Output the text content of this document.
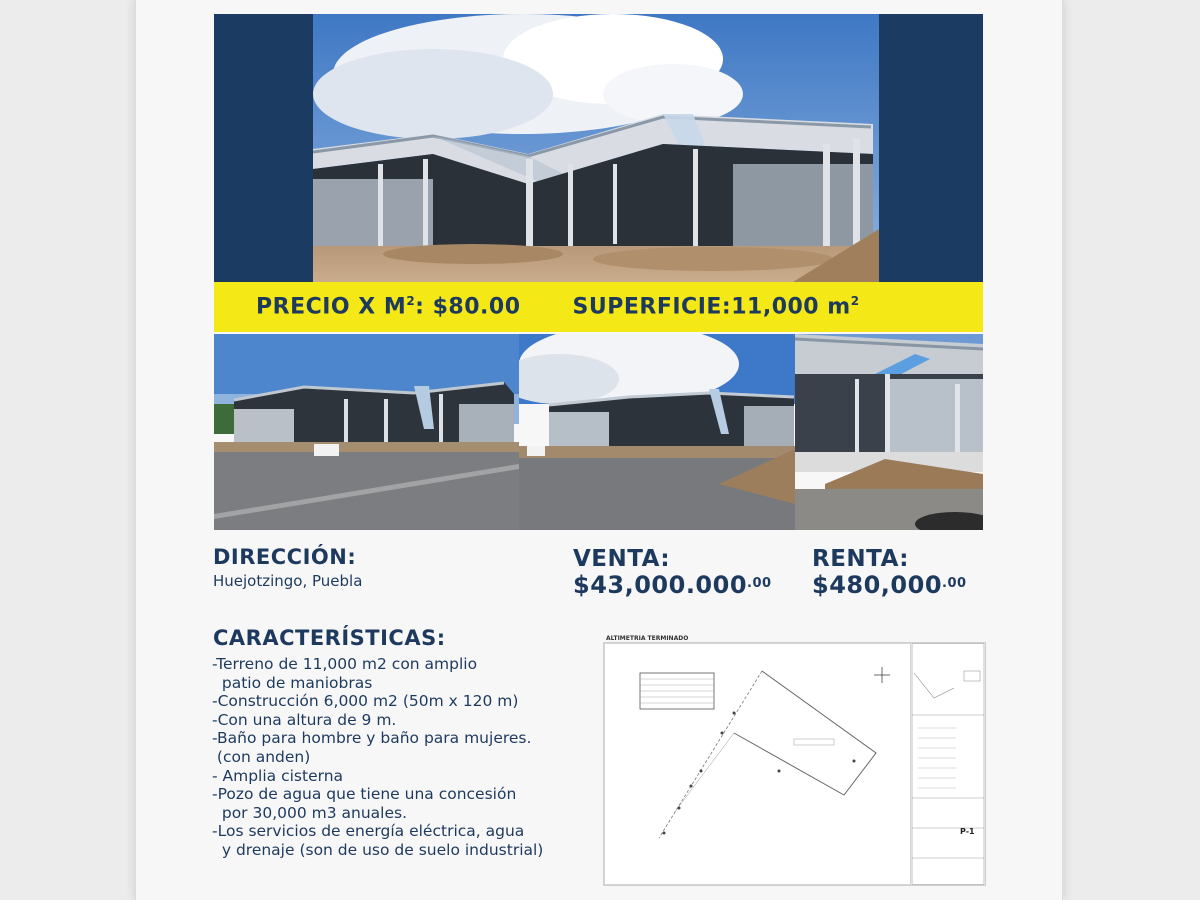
PRECIO X $M^2$: $80.00 SUPERFICIE:11,000 $m^2$
DIRECCIÓN:
Huejotzingo, Puebla
VENTA:
$\$43,000.000^{.00}$
RENTA:
$\$480,000^{.00}$
CARACTERÍSTICAS:
-Terreno de 11,000 m2 con amplio
patio de maniobras
-Construcción 6,000 m2 (50m x 120 m)
-Con una altura de 9 m.
-Baño para hombre y baño para mujeres.
(con anden)
- Amplia cisterna
-Pozo de agua que tiene una concesión
por 30,000 m3 anuales.
-Los servicios de energía eléctrica, agua
y drenaje (son de uso de suelo industrial)
ALTIMETRIA TERMINADO
P-1
